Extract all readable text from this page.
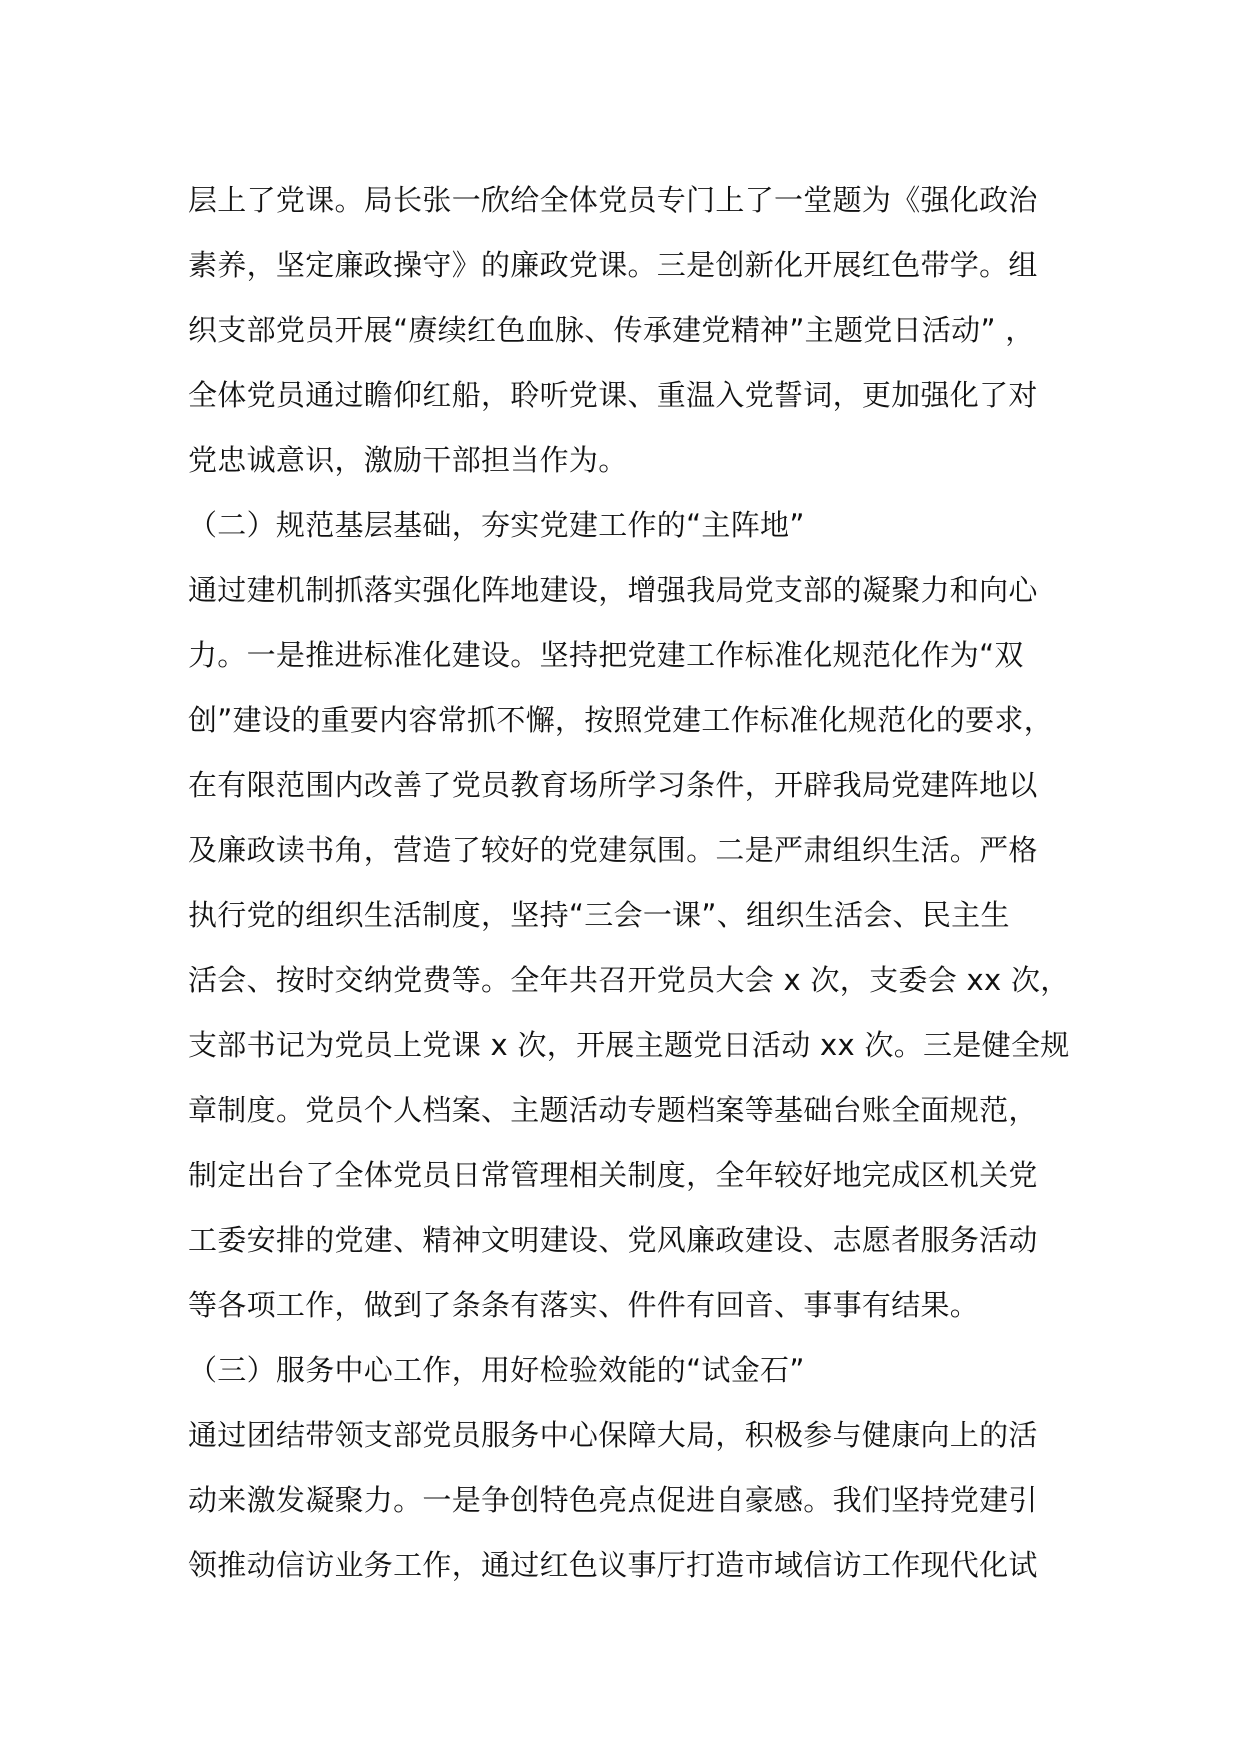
层上了党课。局长张一欣给全体党员专门上了一堂题为《强化政治
素养，坚定廉政操守》的廉政党课。三是创新化开展红色带学。组
织支部党员开展“赓续红色血脉、传承建党精神”主题党日活动” ，
全体党员通过瞻仰红船，聆听党课、重温入党誓词，更加强化了对
党忠诚意识，激励干部担当作为。
（二）规范基层基础，夯实党建工作的“主阵地”
通过建机制抓落实强化阵地建设，增强我局党支部的凝聚力和向心
力。一是推进标准化建设。坚持把党建工作标准化规范化作为“双
创”建设的重要内容常抓不懈，按照党建工作标准化规范化的要求，
在有限范围内改善了党员教育场所学习条件，开辟我局党建阵地以
及廉政读书角，营造了较好的党建氛围。二是严肃组织生活。严格
执行党的组织生活制度，坚持“三会一课”、组织生活会、民主生
活会、按时交纳党费等。全年共召开党员大会 x 次，支委会 xx 次，
支部书记为党员上党课 x 次，开展主题党日活动 xx 次。三是健全规
章制度。党员个人档案、主题活动专题档案等基础台账全面规范，
制定出台了全体党员日常管理相关制度，全年较好地完成区机关党
工委安排的党建、精神文明建设、党风廉政建设、志愿者服务活动
等各项工作，做到了条条有落实、件件有回音、事事有结果。
（三）服务中心工作，用好检验效能的“试金石”
通过团结带领支部党员服务中心保障大局，积极参与健康向上的活
动来激发凝聚力。一是争创特色亮点促进自豪感。我们坚持党建引
领推动信访业务工作，通过红色议事厅打造市域信访工作现代化试
